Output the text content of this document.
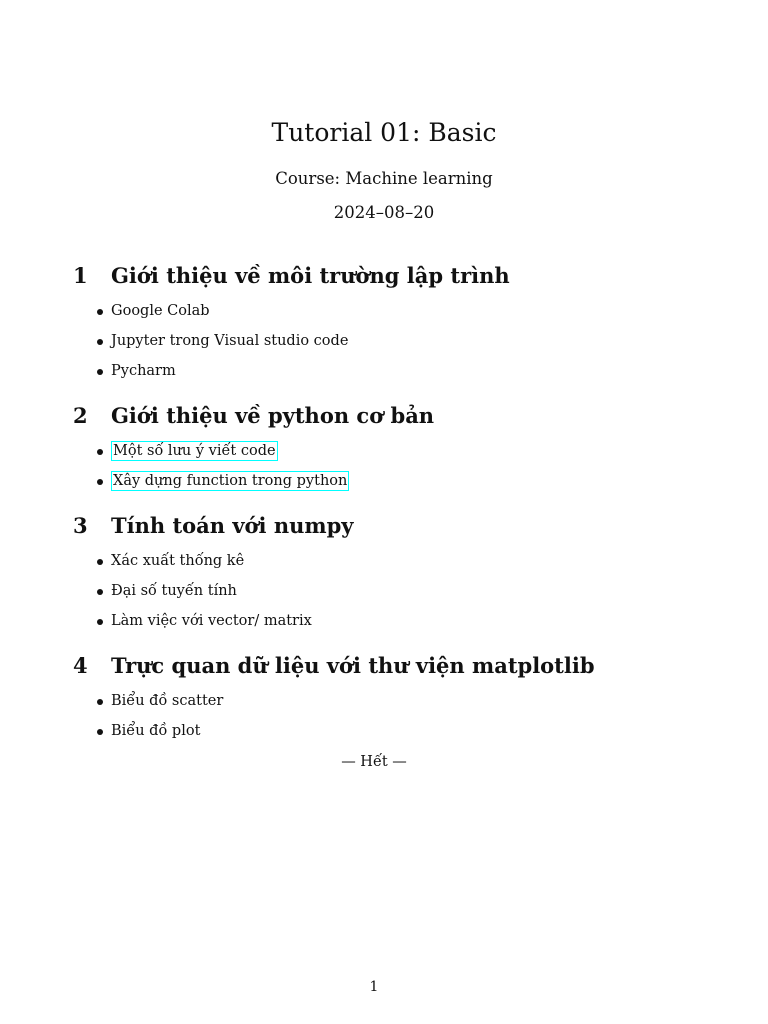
Tutorial 01: Basic
Course: Machine learning
2024–08–20
1	Giới thiệu về môi trường lập trình
Google Colab
Jupyter trong Visual studio code
Pycharm
2	Giới thiệu về python cơ bản
Một số lưu ý viết code
Xây dựng function trong python
3	Tính toán với numpy
Xác xuất thống kê
Đại số tuyến tính
Làm việc với vector/ matrix
4	Trực quan dữ liệu với thư viện matplotlib
Biểu đồ scatter
Biểu đồ plot
— Hết —
1
